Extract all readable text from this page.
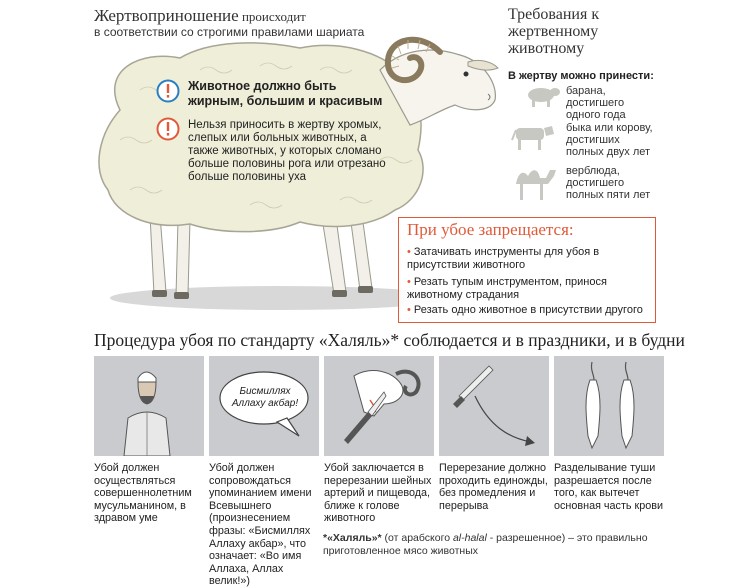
Жертвоприношение происходит
в соответствии со строгими правилами шариата
Животное должно быть жирным, большим и красивым
Нельзя приносить в жертву хромых, слепых или больных животных, а также животных, у которых сломано больше половины рога или отрезано больше половины уха
Требования к жертвенному животному
В жертву можно принести:
барана, достигшего одного года
быка или корову, достигших полных двух лет
верблюда, достигшего полных пяти лет
При убое запрещается:
• Затачивать инструменты для убоя в присутствии животного
• Резать тупым инструментом, принося животному страдания
• Резать одно животное в присутствии другого
Процедура убоя по стандарту «Халяль»* соблюдается и в праздники, и в будни
Убой должен осуществляться совершеннолетним мусульманином, в здравом уме
Бисмиллях Аллаху акбар!
Убой должен сопровождаться упоминанием имени Всевышнего (произнесением фразы: «Бисмиллях Аллаху акбар», что означает: «Во имя Аллаха, Аллах велик!»)
Убой заключается в перерезании шейных артерий и пищевода, ближе к голове животного
Перерезание должно проходить единожды, без промедления и перерыва
Разделывание туши разрешается после того, как вытечет основная часть крови
*«Халяль»* (от арабского al-halal - разрешенное) – это правильно приготовленное мясо животных
